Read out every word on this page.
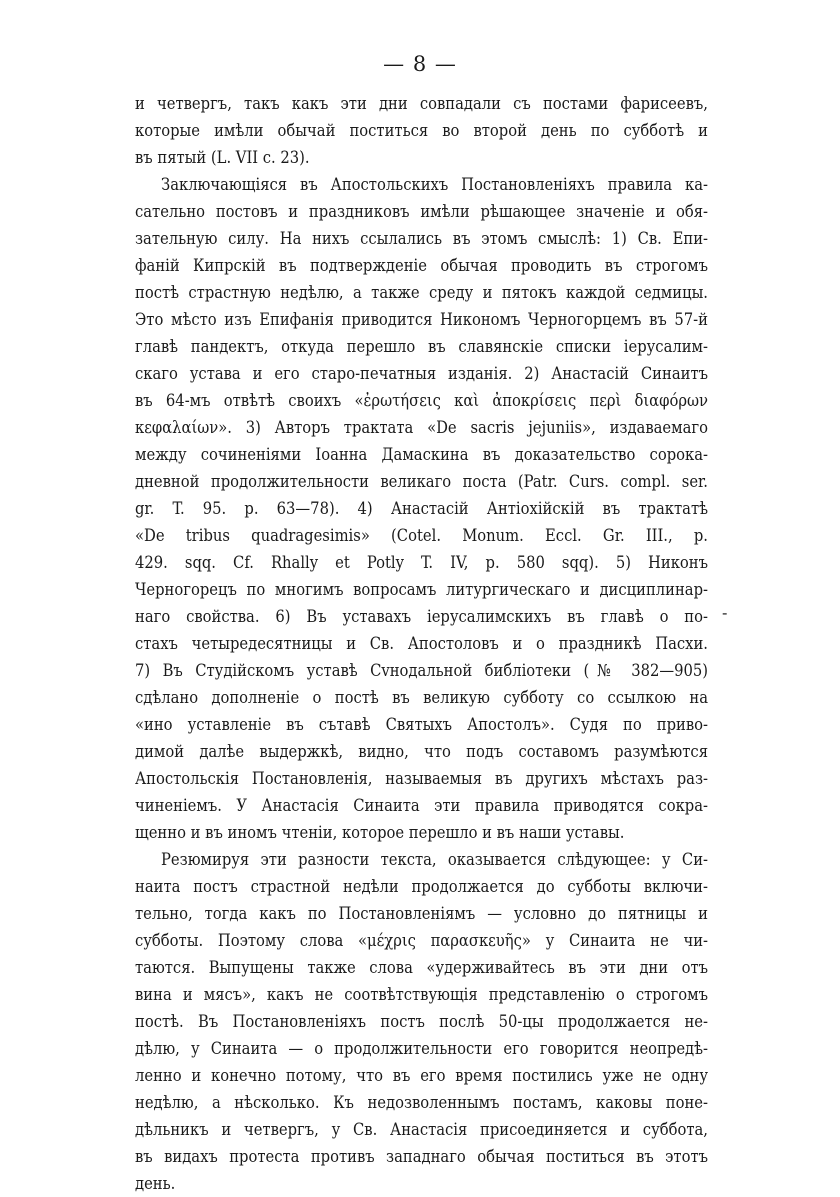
— 8 —
и четвергъ, такъ какъ эти дни совпадали съ постами фарисеевъ,
которые имѣли обычай поститься во второй день по субботѣ и
въ пятый (L. VII c. 23).
Заключающiяся въ Апостольскихъ Постановленiяхъ правила ка-
сательно постовъ и праздниковъ имѣли рѣшающее значенiе и обя-
зательную силу. На нихъ ссылались въ этомъ смыслѣ: 1) Св. Епи-
фанiй Кипрскiй въ подтвержденiе обычая проводить въ строгомъ
постѣ страстную недѣлю, а также среду и пятокъ каждой седмицы.
Это мѣсто изъ Епифанiя приводится Никономъ Черногорцемъ въ 57-й
главѣ пандектъ, откуда перешло въ славянскiе списки iерусалим-
скаго устава и его старо-печатныя изданiя. 2) Анастасiй Синаитъ
въ 64-мъ отвѣтѣ своихъ «ἐρωτήσεις καὶ ἀποκρίσεις περὶ διαφόρων
κεφαλαίων». 3) Авторъ трактата «De sacris jejuniis», издаваемаго
между сочиненiями Iоанна Дамаскина въ доказательство сорока-
дневной продолжительности великаго поста (Patr. Curs. compl. ser.
gr. T. 95. p. 63—78). 4) Анастасiй Антiохiйскiй въ трактатѣ
«De tribus quadragesimis» (Cotel. Monum. Eccl. Gr. III., p.
429. sqq. Cf. Rhally et Potly T. IV, p. 580 sqq). 5) Никонъ
Черногорецъ по многимъ вопросамъ литургическаго и дисциплинар-
наго свойства. 6) Въ уставахъ iерусалимскихъ въ главѣ о по-
стахъ четыредесятницы и Св. Апостоловъ и о праздникѣ Пасхи.
7) Въ Студiйскомъ уставѣ Сvнодальной библiотеки (№ 382—905)
сдѣлано дополненiе о постѣ въ великую субботу со ссылкою на
«ино уставленiе въ сътавѣ Святыхъ Апостолъ». Судя по приво-
димой далѣе выдержкѣ, видно, что подъ составомъ разумѣются
Апостольскiя Постановленiя, называемыя въ другихъ мѣстахъ раз-
чиненiемъ. У Анастасiя Синаита эти правила приводятся сокра-
щенно и въ иномъ чтенiи, которое перешло и въ наши уставы.
Резюмируя эти разности текста, оказывается слѣдующее: у Си-
наита постъ страстной недѣли продолжается до субботы включи-
тельно, тогда какъ по Постановленiямъ — условно до пятницы и
субботы. Поэтому слова «μέχρις παρασκευῆς» у Синаита не чи-
таются. Выпущены также слова «удерживайтесь въ эти дни отъ
вина и мясъ», какъ не соотвѣтствующiя представленiю о строгомъ
постѣ. Въ Постановленiяхъ постъ послѣ 50-цы продолжается не-
дѣлю, у Синаита — о продолжительности его говорится неопредѣ-
ленно и конечно потому, что въ его время постились уже не одну
недѣлю, а нѣсколько. Къ недозволеннымъ постамъ, каковы поне-
дѣльникъ и четвергъ, у Св. Анастасiя присоединяется и суббота,
въ видахъ протеста противъ западнаго обычая поститься въ этотъ
день.
-
